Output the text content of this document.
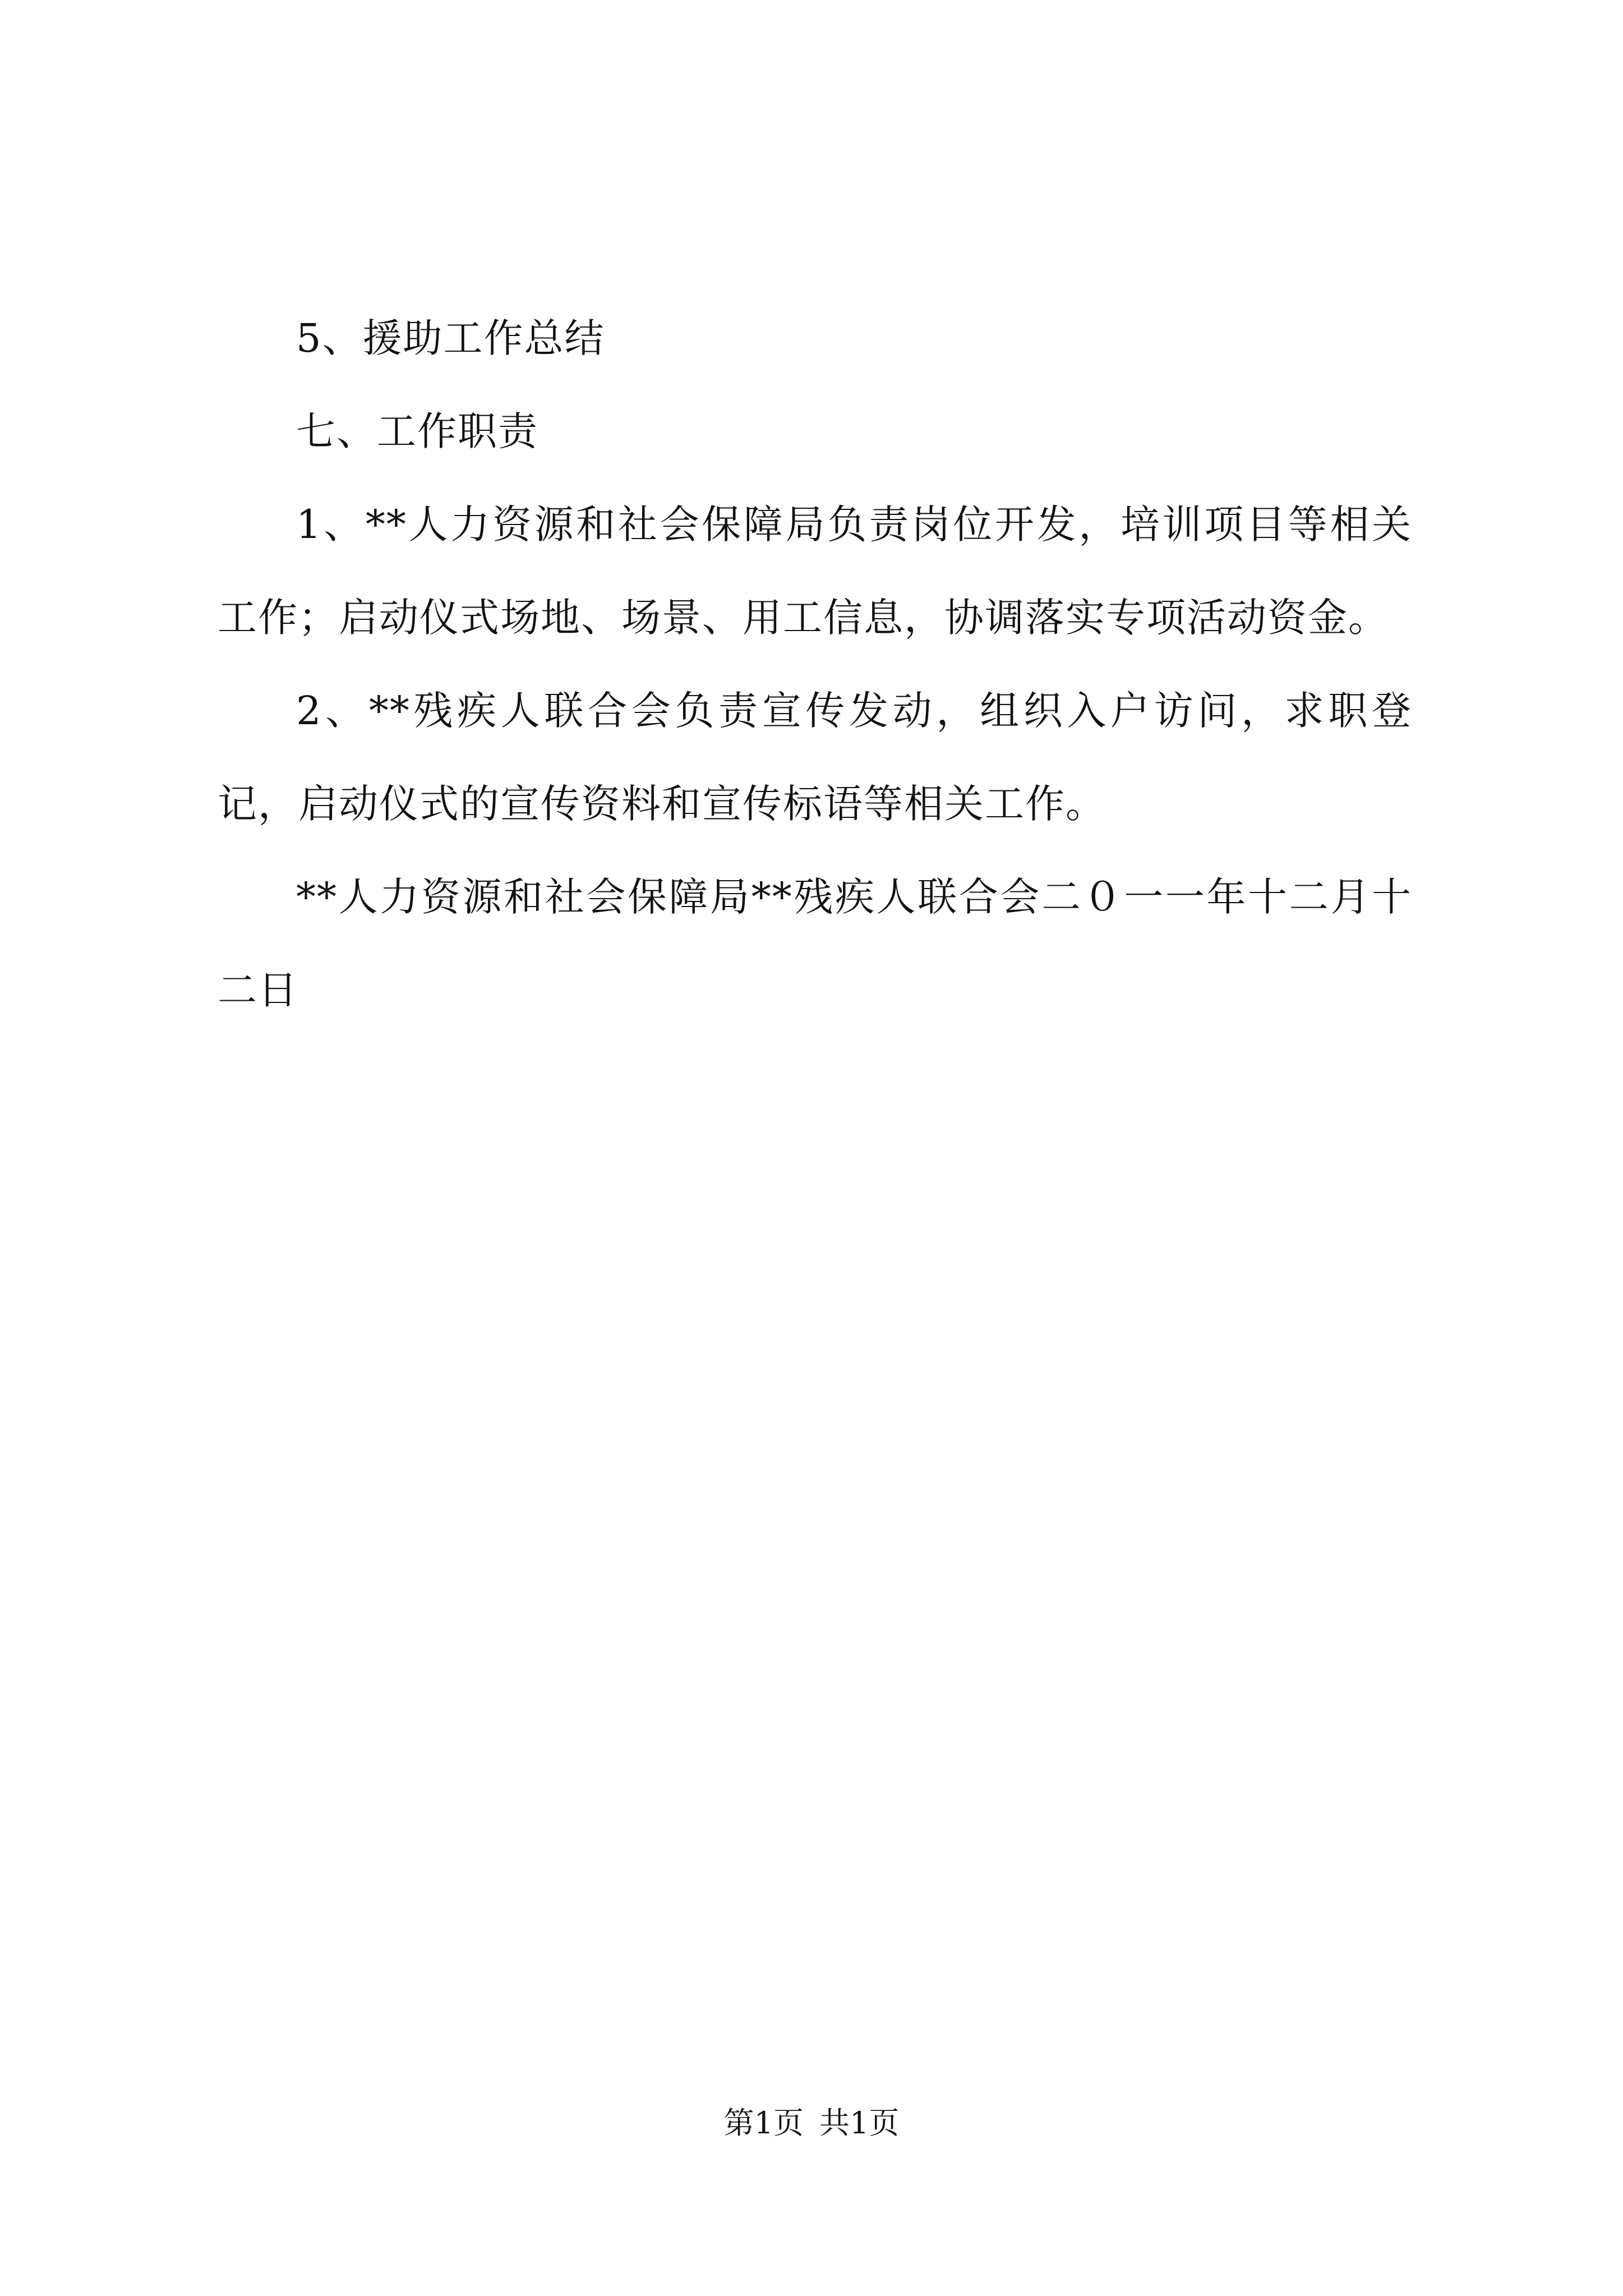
5、援助工作总结

七、工作职责

1、**人力资源和社会保障局负责岗位开发，培训项目等相关工作；启动仪式场地、场景、用工信息，协调落实专项活动资金。

2、**残疾人联合会负责宣传发动，组织入户访问，求职登记，启动仪式的宣传资料和宣传标语等相关工作。

**人力资源和社会保障局**残疾人联合会二０一一年十二月十二日

第1页 共1页
